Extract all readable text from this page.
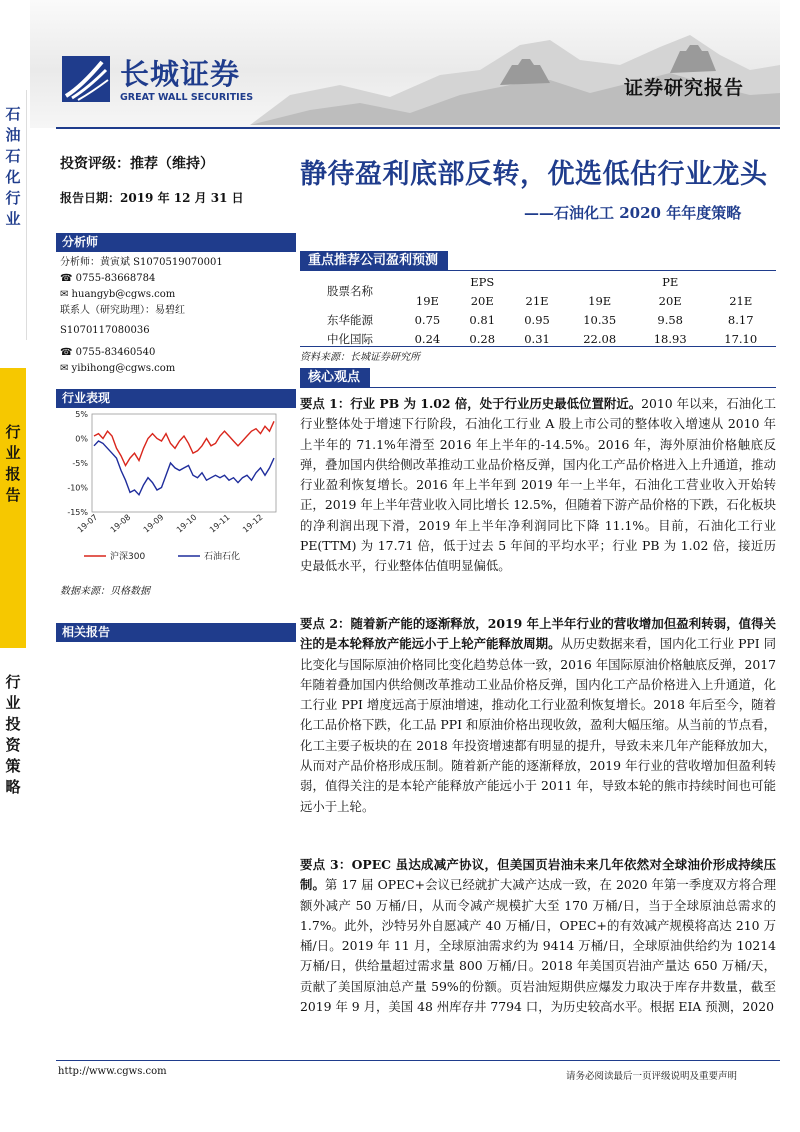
石油石化行业
行业报告
行业投资策略
长城证券
GREAT WALL SECURITIES	证券研究报告
投资评级：推荐（维持）
报告日期：2019 年 12 月 31 日
分析师
分析师：黄寅斌 S1070519070001
☎ 0755-83668784
✉ huangyb@cgws.com
联系人（研究助理）：易碧红
S1070117080036
☎ 0755-83460540
✉ yibihong@cgws.com
行业表现
5%
0%
-5%
-10%
-15%
19-07 19-08 19-09 19-10 19-11 19-12
沪深300	石油石化
数据来源：贝格数据
相关报告
静待盈利底部反转，优选低估行业龙头
——石油化工 2020 年年度策略
重点推荐公司盈利预测
股票名称	EPS			PE		
	19E	20E	21E	19E	20E	21E
东华能源	0.75	0.81	0.95	10.35	9.58	8.17
中化国际	0.24	0.28	0.31	22.08	18.93	17.10
资料来源：长城证券研究所
核心观点

要点 1：行业 PB 为 1.02 倍，处于行业历史最低位置附近。2010 年以来，石油化工行业整体处于增速下行阶段，石油化工行业 A 股上市公司的整体收入增速从 2010 年上半年的 71.1%年滑至 2016 年上半年的-14.5%。2016 年，海外原油价格触底反弹，叠加国内供给侧改革推动工业品价格反弹，国内化工产品价格进入上升通道，推动行业盈利恢复增长。2016 年上半年到 2019 年一上半年，石油化工营业收入开始转正，2019 年上半年营业收入同比增长 12.5%，但随着下游产品价格的下跌，石化板块的净利润出现下滑，2019 年上半年净利润同比下降 11.1%。目前，石油化工行业 PE(TTM) 为 17.71 倍，低于过去 5 年间的平均水平；行业 PB 为 1.02 倍，接近历史最低水平，行业整体估值明显偏低。

要点 2：随着新产能的逐渐释放，2019 年上半年行业的营收增加但盈利转弱，值得关注的是本轮释放产能远小于上轮产能释放周期。从历史数据来看，国内化工行业 PPI 同比变化与国际原油价格同比变化趋势总体一致，2016 年国际原油价格触底反弹，2017 年随着叠加国内供给侧改革推动工业品价格反弹，国内化工产品价格进入上升通道，化工行业 PPI 增度远高于原油增速，推动化工行业盈利恢复增长。2018 年后至今，随着化工品价格下跌，化工品 PPI 和原油价格出现收敛，盈利大幅压缩。从当前的节点看，化工主要子板块的在 2018 年投资增速都有明显的提升，导致未来几年产能释放加大，从而对产品价格形成压制。随着新产能的逐渐释放，2019 年行业的营收增加但盈利转弱，值得关注的是本轮产能释放产能远小于 2011 年，导致本轮的熊市持续时间也可能远小于上轮。

要点 3：OPEC 虽达成减产协议，但美国页岩油未来几年依然对全球油价形成持续压制。第 17 届 OPEC+会议已经就扩大减产达成一致，在 2020 年第一季度双方将合理额外减产 50 万桶/日，从而令减产规模扩大至 170 万桶/日，当于全球原油总需求的 1.7%。此外，沙特另外自愿减产 40 万桶/日，OPEC+的有效减产规模将高达 210 万桶/日。2019 年 11 月，全球原油需求约为 9414 万桶/日，全球原油供给约为 10214 万桶/日，供给量超过需求量 800 万桶/日。2018 年美国页岩油产量达 650 万桶/天，贡献了美国原油总产量 59%的份额。页岩油短期供应爆发力取决于库存井数量，截至 2019 年 9 月，美国 48 州库存井 7794 口，为历史较高水平。根据 EIA 预测，2020

http://www.cgws.com	请务必阅读最后一页评级说明及重要声明
